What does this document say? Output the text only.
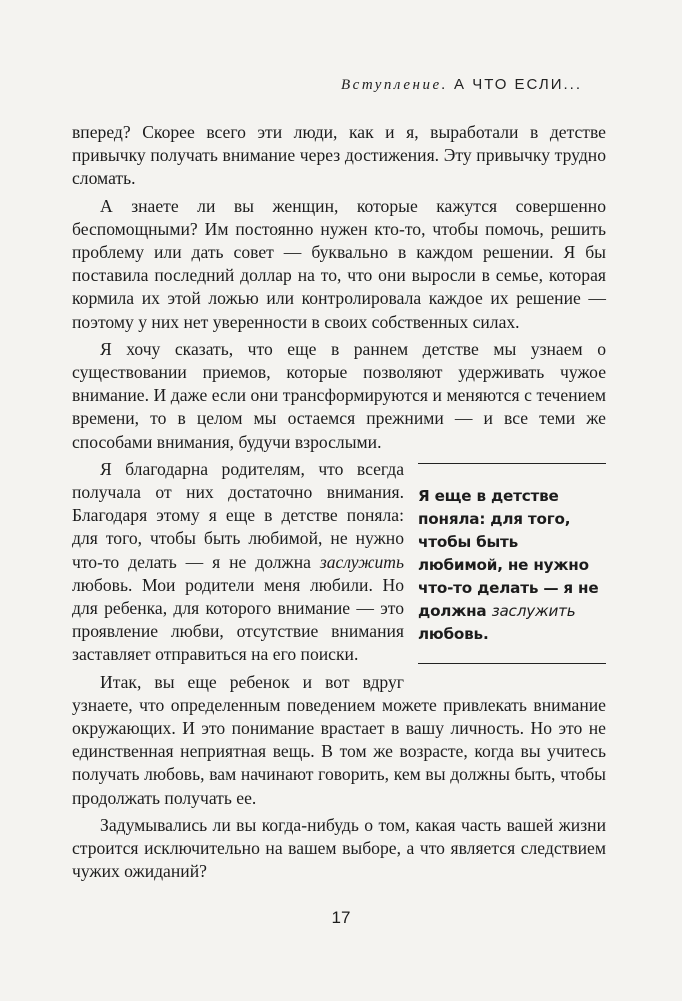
Вступление. А ЧТО ЕСЛИ...

вперед? Скорее всего эти люди, как и я, выработали в детстве привычку получать внимание через достижения. Эту привычку трудно сломать.

А знаете ли вы женщин, которые кажутся совершенно беспомощными? Им постоянно нужен кто-то, чтобы помочь, решить проблему или дать совет — буквально в каждом решении. Я бы поставила последний доллар на то, что они выросли в семье, которая кормила их этой ложью или контролировала каждое их решение — поэтому у них нет уверенности в своих собственных силах.

Я хочу сказать, что еще в раннем детстве мы узнаем о существовании приемов, которые позволяют удерживать чужое внимание. И даже если они трансформируются и меняются с течением времени, то в целом мы остаемся прежними — и все теми же способами внимания, будучи взрослыми.

Я еще в детстве поняла: для того, чтобы быть любимой, не нужно что-то делать — я не должна заслужить любовь.

Я благодарна родителям, что всегда получала от них достаточно внимания. Благодаря этому я еще в детстве поняла: для того, чтобы быть любимой, не нужно что-то делать — я не должна заслужить любовь. Мои родители меня любили. Но для ребенка, для которого внимание — это проявление любви, отсутствие внимания заставляет отправиться на его поиски.

Итак, вы еще ребенок и вот вдруг узнаете, что определенным поведением можете привлекать внимание окружающих. И это понимание врастает в вашу личность. Но это не единственная неприятная вещь. В том же возрасте, когда вы учитесь получать любовь, вам начинают говорить, кем вы должны быть, чтобы продолжать получать ее.

Задумывались ли вы когда-нибудь о том, какая часть вашей жизни строится исключительно на вашем выборе, а что является следствием чужих ожиданий?

17
